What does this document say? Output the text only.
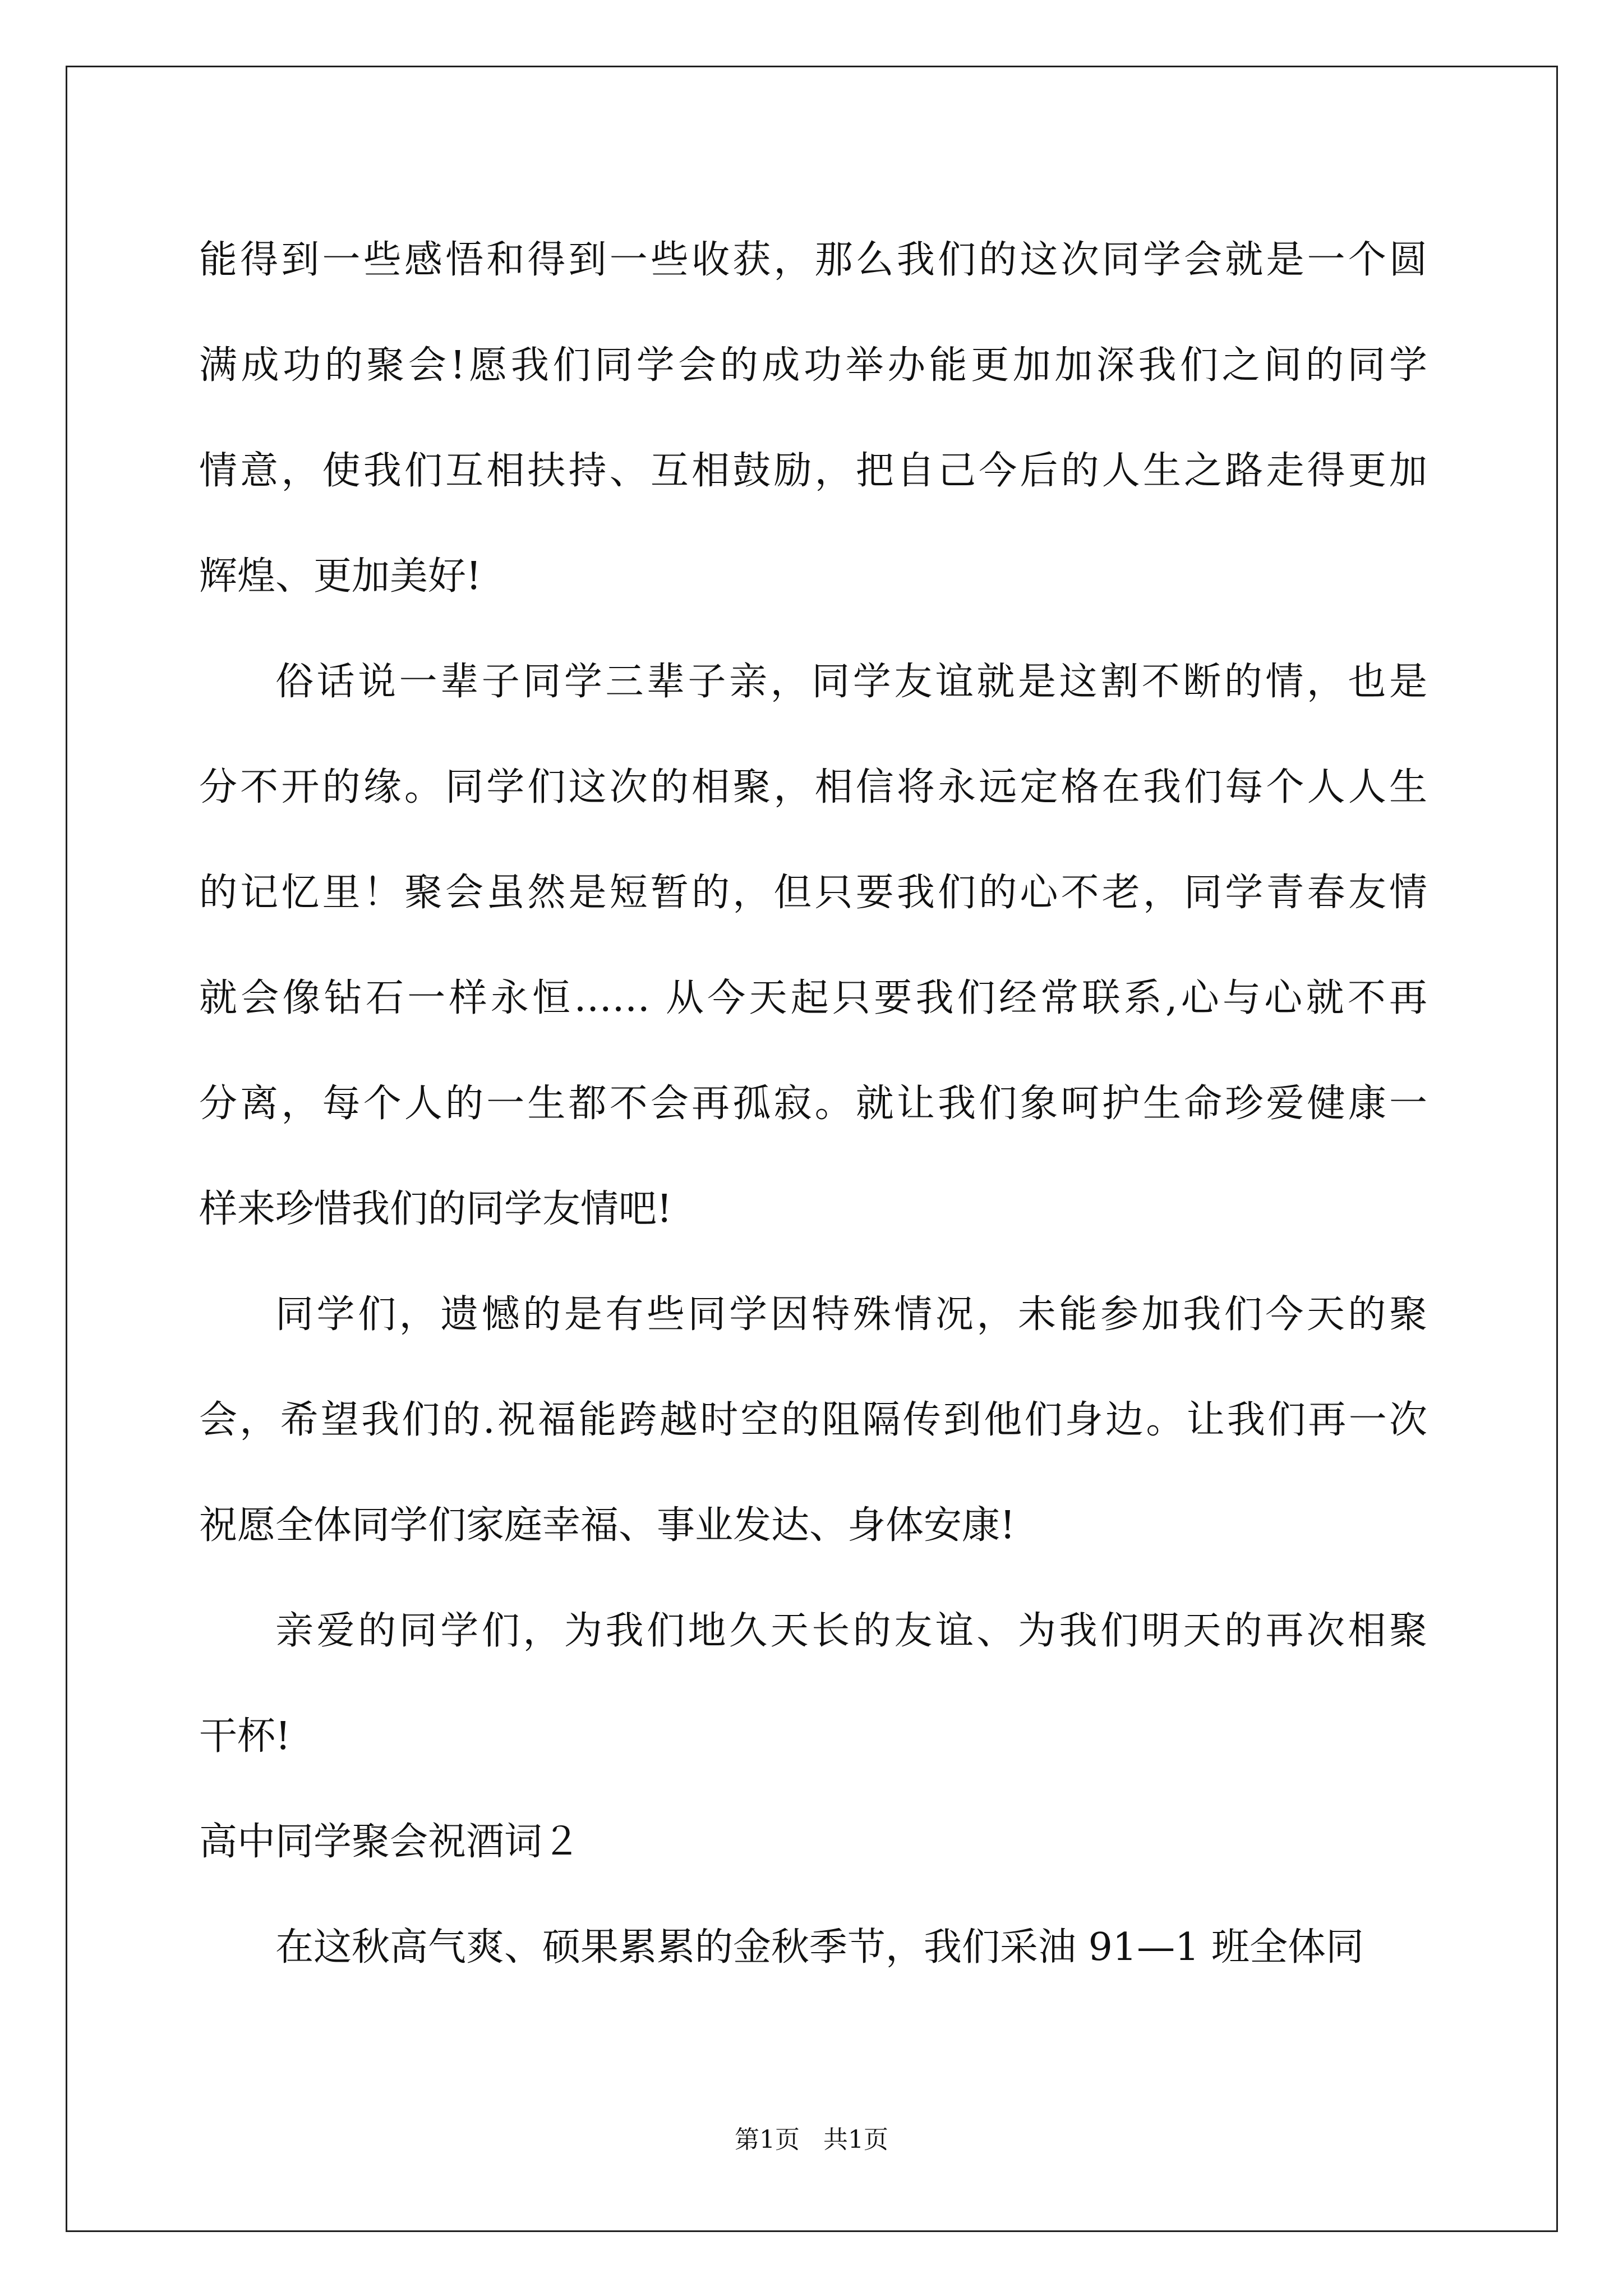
能得到一些感悟和得到一些收获，那么我们的这次同学会就是一个圆
满成功的聚会!愿我们同学会的成功举办能更加加深我们之间的同学
情意，使我们互相扶持、互相鼓励，把自己今后的人生之路走得更加
辉煌、更加美好!
俗话说一辈子同学三辈子亲，同学友谊就是这割不断的情，也是
分不开的缘。同学们这次的相聚，相信将永远定格在我们每个人人生
的记忆里！聚会虽然是短暂的，但只要我们的心不老，同学青春友情
就会像钻石一样永恒…… 从今天起只要我们经常联系,心与心就不再
分离，每个人的一生都不会再孤寂。就让我们象呵护生命珍爱健康一
样来珍惜我们的同学友情吧!
同学们，遗憾的是有些同学因特殊情况，未能参加我们今天的聚
会，希望我们的.祝福能跨越时空的阻隔传到他们身边。让我们再一次
祝愿全体同学们家庭幸福、事业发达、身体安康!
亲爱的同学们，为我们地久天长的友谊、为我们明天的再次相聚
干杯!
高中同学聚会祝酒词２
在这秋高气爽、硕果累累的金秋季节，我们采油 91—1 班全体同
第1页   共1页
